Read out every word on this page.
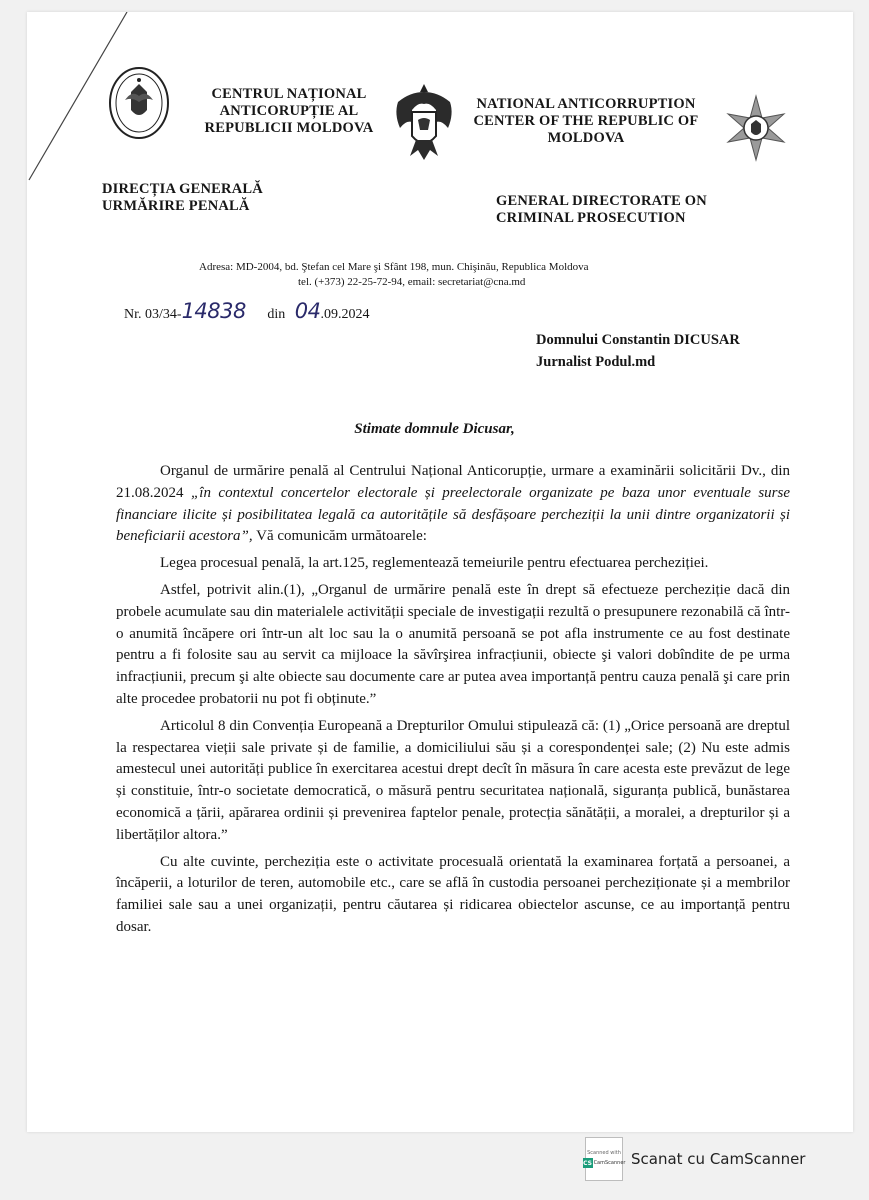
CENTRUL NAȚIONAL
ANTICORUPȚIE AL
REPUBLICII MOLDOVA
NATIONAL ANTICORRUPTION
CENTER OF THE REPUBLIC OF
MOLDOVA
DIRECȚIA GENERALĂ
URMĂRIRE PENALĂ	GENERAL DIRECTORATE ON
CRIMINAL PROSECUTION
Adresa: MD-2004, bd. Ştefan cel Mare şi Sfânt 198, mun. Chişinău, Republica Moldova
tel. (+373) 22-25-72-94, email: secretariat@cna.md
Nr. 03/34-14838 din 04.09.2024
Domnului Constantin DICUSAR
Jurnalist Podul.md
Stimate domnule Dicusar,

Organul de urmărire penală al Centrului Național Anticorupție, urmare a examinării solicitării Dv., din 21.08.2024 „în contextul concertelor electorale și preelectorale organizate pe baza unor eventuale surse financiare ilicite și posibilitatea legală ca autoritățile să desfășoare percheziții la unii dintre organizatorii și beneficiarii acestora”, Vă comunicăm următoarele:

Legea procesual penală, la art.125, reglementează temeiurile pentru efectuarea percheziției.

Astfel, potrivit alin.(1), „Organul de urmărire penală este în drept să efectueze percheziție dacă din probele acumulate sau din materialele activității speciale de investigații rezultă o presupunere rezonabilă că într-o anumită încăpere ori într-un alt loc sau la o anumită persoană se pot afla instrumente ce au fost destinate pentru a fi folosite sau au servit ca mijloace la săvîrşirea infracțiunii, obiecte şi valori dobîndite de pe urma infracțiunii, precum şi alte obiecte sau documente care ar putea avea importanță pentru cauza penală şi care prin alte procedee probatorii nu pot fi obținute.”

Articolul 8 din Convenția Europeană a Drepturilor Omului stipulează că: (1) „Orice persoană are dreptul la respectarea vieții sale private și de familie, a domiciliului său și a corespondenței sale; (2) Nu este admis amestecul unei autorități publice în exercitarea acestui drept decît în măsura în care acesta este prevăzut de lege și constituie, într-o societate democratică, o măsură pentru securitatea națională, siguranța publică, bunăstarea economică a țării, apărarea ordinii și prevenirea faptelor penale, protecția sănătății, a moralei, a drepturilor și a libertăților altora.”

Cu alte cuvinte, percheziția este o activitate procesuală orientată la examinarea forțată a persoanei, a încăperii, a loturilor de teren, automobile etc., care se află în custodia persoanei percheziționate și a membrilor familiei sale sau a unei organizații, pentru căutarea și ridicarea obiectelor ascunse, ce au importanță pentru dosar.

Scanned with
CS CamScanner Scanat cu CamScanner
